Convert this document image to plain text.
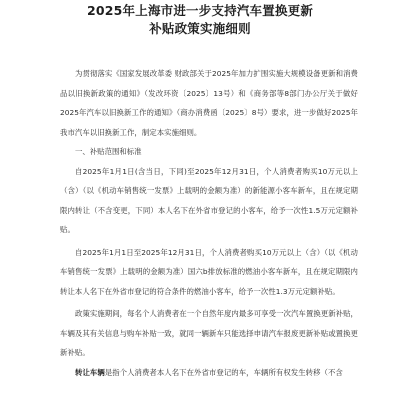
2025年上海市进一步支持汽车置换更新
补贴政策实施细则

为贯彻落实《国家发展改革委 财政部关于2025年加力扩围实施大规模设备更新和消费品以旧换新政策的通知》（发改环资〔2025〕13号）和《商务部等8部门办公厅关于做好2025年汽车以旧换新工作的通知》（商办消费函〔2025〕8号）要求，进一步做好2025年我市汽车以旧换新工作，制定本实施细则。

一、补贴范围和标准

自2025年1月1日(含当日，下同)至2025年12月31日，个人消费者购买10万元以上（含）（以《机动车销售统一发票》上载明的金额为准）的新能源小客车新车，且在规定期限内转让（不含变更，下同）本人名下在外省市登记的小客车，给予一次性1.5万元定额补贴。

自2025年1月1日至2025年12月31日，个人消费者购买10万元以上（含）（以《机动车销售统一发票》上载明的金额为准）国六b排放标准的燃油小客车新车，且在规定期限内转让本人名下在外省市登记的符合条件的燃油小客车，给予一次性1.3万元定额补贴。

政策实施期间，每名个人消费者在一个自然年度内最多可享受一次汽车置换更新补贴，车辆及其有关信息与购车补贴一致，就同一辆新车只能选择申请汽车报废更新补贴或置换更新补贴。

转让车辆是指个人消费者本人名下在外省市登记的车，车辆所有权发生转移（不含
